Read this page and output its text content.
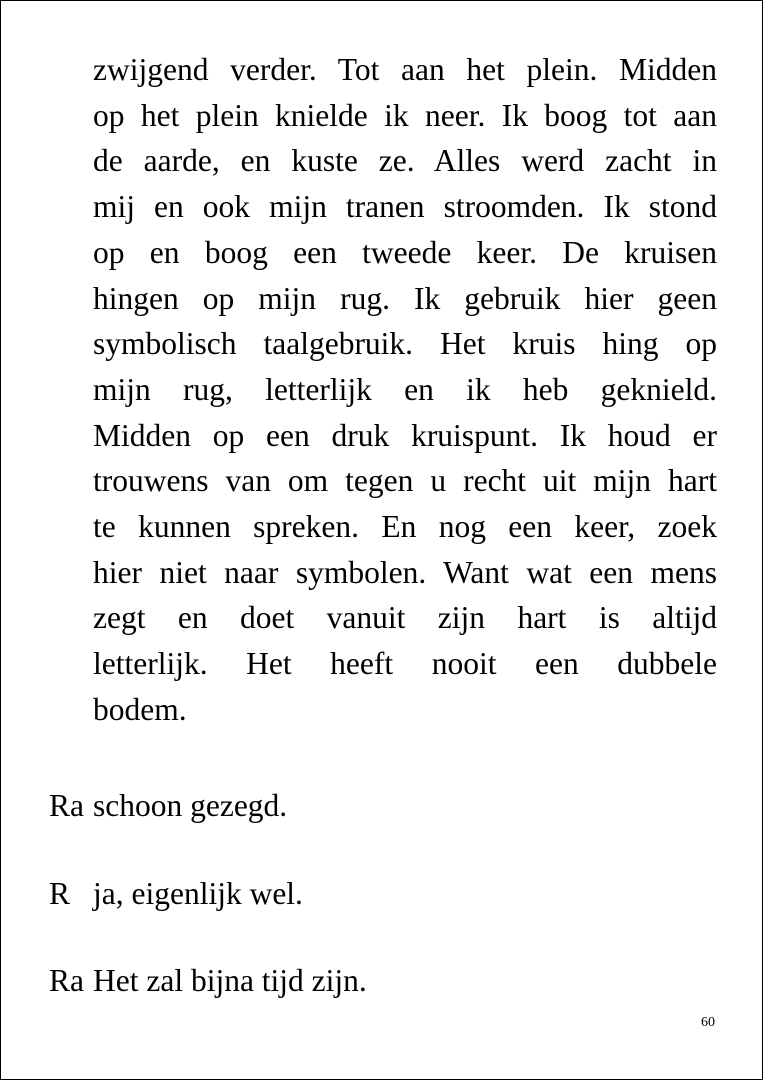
zwijgend verder. Tot aan het plein. Midden
op het plein knielde ik neer. Ik boog tot aan
de aarde, en kuste ze. Alles werd zacht in
mij en ook mijn tranen stroomden. Ik stond
op en boog een tweede keer. De kruisen
hingen op mijn rug. Ik gebruik hier geen
symbolisch taalgebruik. Het kruis hing op
mijn rug, letterlijk en ik heb geknield.
Midden op een druk kruispunt. Ik houd er
trouwens van om tegen u recht uit mijn hart
te kunnen spreken. En nog een keer, zoek
hier niet naar symbolen. Want wat een mens
zegt en doet vanuit zijn hart is altijd
letterlijk. Het heeft nooit een dubbele
bodem.

Ra schoon gezegd.

R ja, eigenlijk wel.

Ra Het zal bijna tijd zijn.

60
